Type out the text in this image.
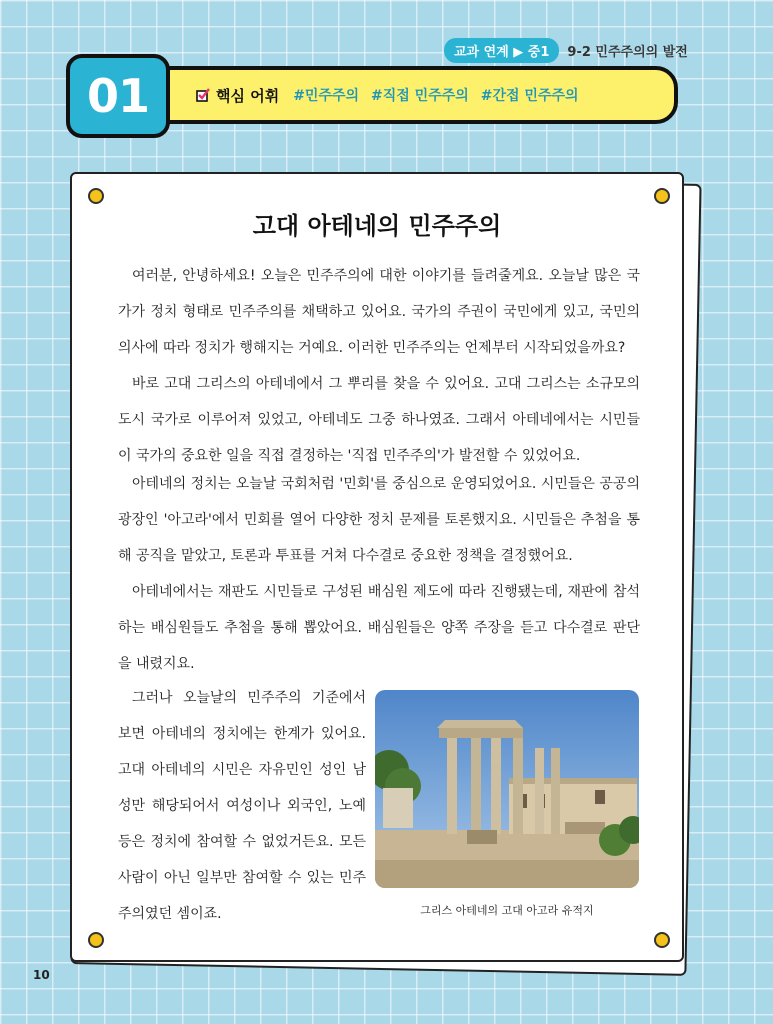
교과 연계 ▶ 중1	9-2 민주주의의 발전
핵심 어휘 #민주주의 #직접 민주주의 #간접 민주주의
01
고대 아테네의 민주주의

여러분, 안녕하세요! 오늘은 민주주의에 대한 이야기를 들려줄게요. 오늘날 많은 국가가 정치 형태로 민주주의를 채택하고 있어요. 국가의 주권이 국민에게 있고, 국민의 의사에 따라 정치가 행해지는 거예요. 이러한 민주주의는 언제부터 시작되었을까요?

바로 고대 그리스의 아테네에서 그 뿌리를 찾을 수 있어요. 고대 그리스는 소규모의 도시 국가로 이루어져 있었고, 아테네도 그중 하나였죠. 그래서 아테네에서는 시민들이 국가의 중요한 일을 직접 결정하는 '직접 민주주의'가 발전할 수 있었어요.

아테네의 정치는 오늘날 국회처럼 '민회'를 중심으로 운영되었어요. 시민들은 공공의 광장인 '아고라'에서 민회를 열어 다양한 정치 문제를 토론했지요. 시민들은 추첨을 통해 공직을 맡았고, 토론과 투표를 거쳐 다수결로 중요한 정책을 결정했어요.

아테네에서는 재판도 시민들로 구성된 배심원 제도에 따라 진행됐는데, 재판에 참석하는 배심원들도 추첨을 통해 뽑았어요. 배심원들은 양쪽 주장을 듣고 다수결로 판단을 내렸지요.

그러나 오늘날의 민주주의 기준에서 보면 아테네의 정치에는 한계가 있어요. 고대 아테네의 시민은 자유민인 성인 남성만 해당되어서 여성이나 외국인, 노예 등은 정치에 참여할 수 없었거든요. 모든 사람이 아닌 일부만 참여할 수 있는 민주주의였던 셈이죠.	그리스 아테네의 고대 아고라 유적지
10
